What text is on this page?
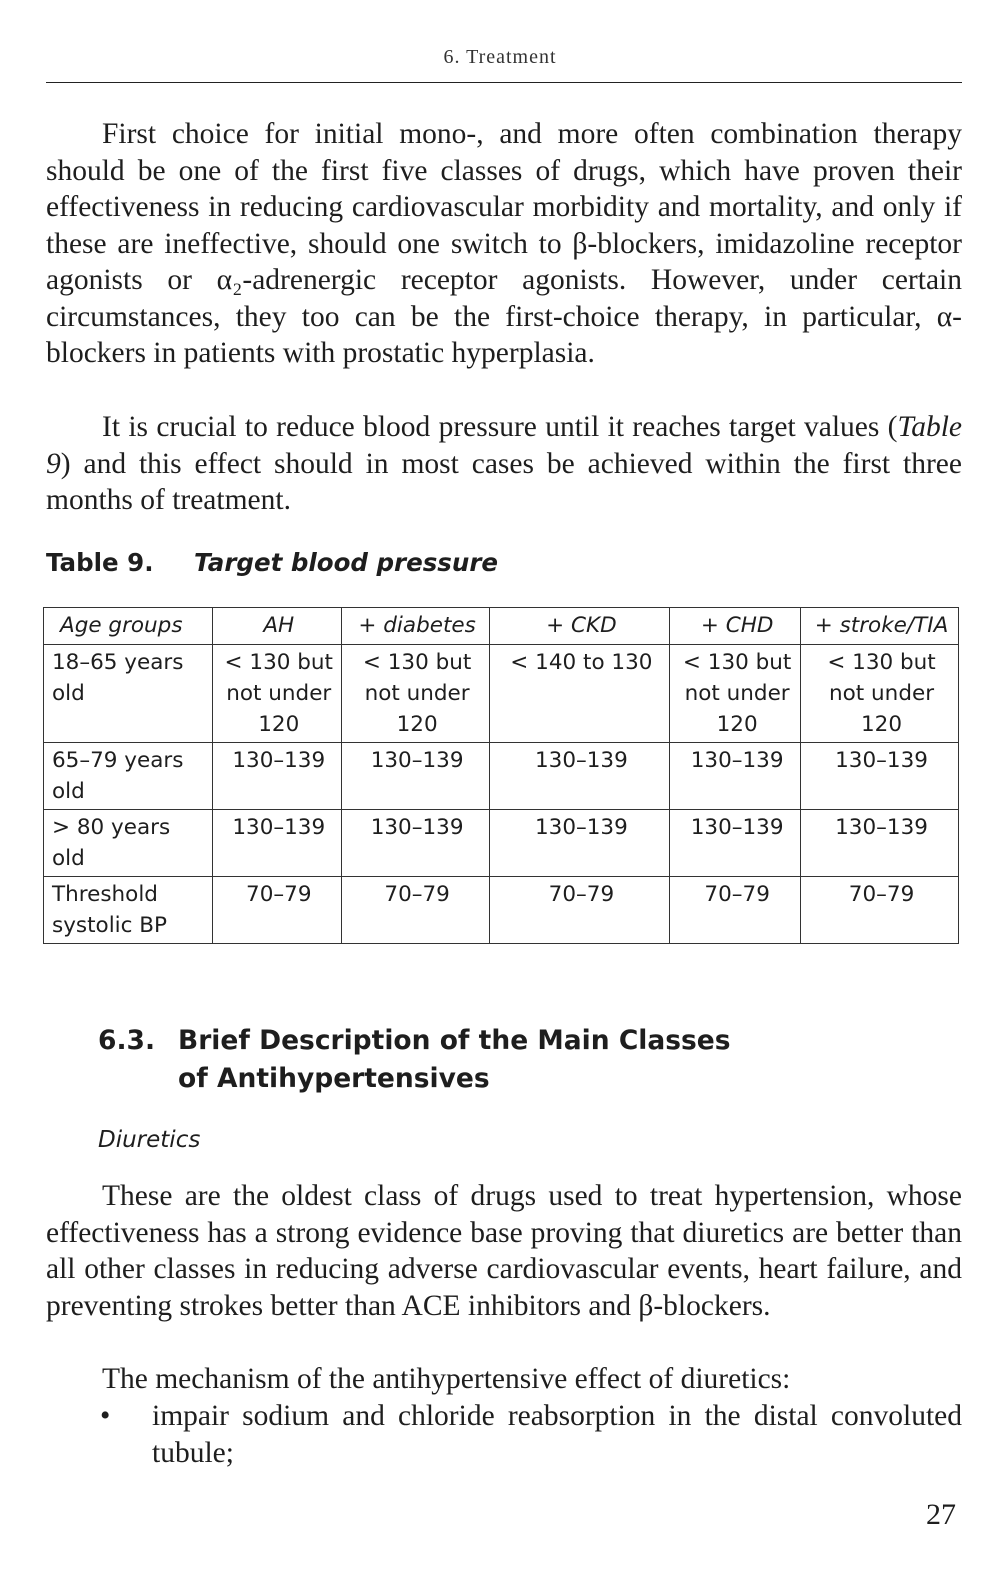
6. Treatment

First choice for initial mono-, and more often combination therapy should be one of the first five classes of drugs, which have proven their effectiveness in reducing cardiovascular morbidity and mortality, and only if these are ineffective, should one switch to β-blockers, imidazoline receptor agonists or α₂-adrenergic receptor agonists. However, under certain circumstances, they too can be the first-choice therapy, in particular, α-blockers in patients with prostatic hyperplasia.

It is crucial to reduce blood pressure until it reaches target values (Table 9) and this effect should in most cases be achieved within the first three months of treatment.

Table 9. Target blood pressure
Age groups	AH	+ diabetes	+ CKD	+ CHD	+ stroke/TIA
18–65 years old	< 130 but not under 120	< 130 but not under 120	< 140 to 130	< 130 but not under 120	< 130 but not under 120
65–79 years old	130–139	130–139	130–139	130–139	130–139
> 80 years old	130–139	130–139	130–139	130–139	130–139
Threshold systolic BP	70–79	70–79	70–79	70–79	70–79
6.3. Brief Description of the Main Classes
of Antihypertensives
Diuretics

These are the oldest class of drugs used to treat hypertension, whose effectiveness has a strong evidence base proving that diuretics are better than all other classes in reducing adverse cardiovascular events, heart failure, and preventing strokes better than ACE inhibitors and β-blockers.

The mechanism of the antihypertensive effect of diuretics:

• impair sodium and chloride reabsorption in the distal convoluted tubule;
27
